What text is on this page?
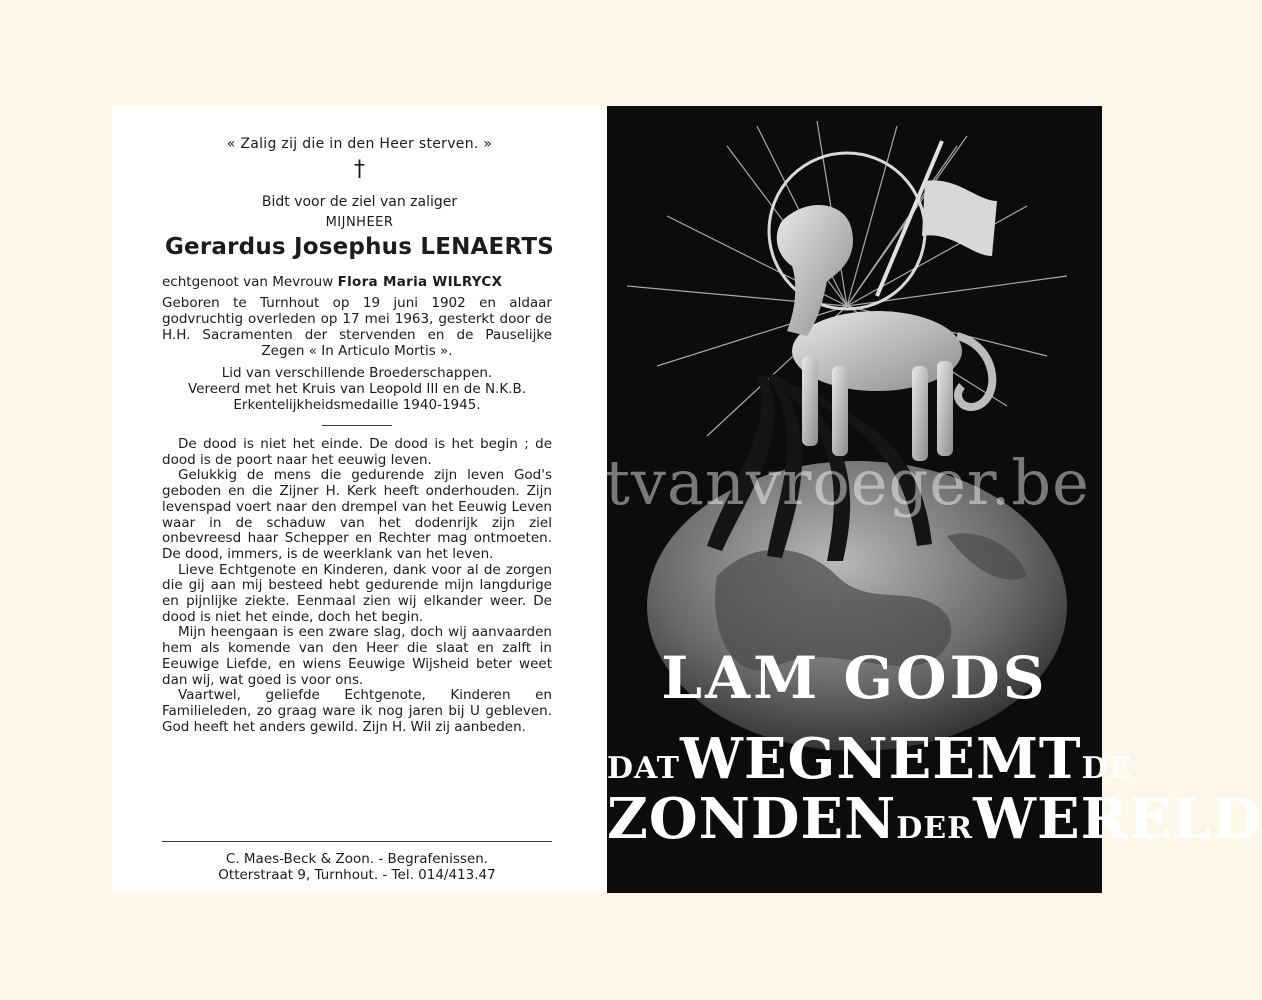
« Zalig zij die in den Heer sterven. »
†
Bidt voor de ziel van zaliger
MIJNHEER
Gerardus Josephus LENAERTS
echtgenoot van Mevrouw Flora Maria WILRYCX
Geboren te Turnhout op 19 juni 1902 en aldaar godvruchtig overleden op 17 mei 1963, gesterkt door de H.H. Sacramenten der stervenden en de Pauselijke Zegen « In Articulo Mortis ».
Lid van verschillende Broederschappen.
Vereerd met het Kruis van Leopold III en de N.K.B. Erkentelijkheidsmedaille 1940-1945.

De dood is niet het einde. De dood is het begin ; de dood is de poort naar het eeuwig leven.

Gelukkig de mens die gedurende zijn leven God's geboden en die Zijner H. Kerk heeft onderhouden. Zijn levenspad voert naar den drempel van het Eeuwig Leven waar in de schaduw van het dodenrijk zijn ziel onbevreesd haar Schepper en Rechter mag ontmoeten. De dood, immers, is de weerklank van het leven.

Lieve Echtgenote en Kinderen, dank voor al de zorgen die gij aan mij besteed hebt gedurende mijn langdurige en pijnlijke ziekte. Eenmaal zien wij elkander weer. De dood is niet het einde, doch het begin.

Mijn heengaan is een zware slag, doch wij aanvaarden hem als komende van den Heer die slaat en zalft in Eeuwige Liefde, en wiens Eeuwige Wijsheid beter weet dan wij, wat goed is voor ons.

Vaartwel, geliefde Echtgenote, Kinderen en Familieleden, zo graag ware ik nog jaren bij U gebleven. God heeft het anders gewild. Zijn H. Wil zij aanbeden.

C. Maes-Beck & Zoon. - Begrafenissen.
Otterstraat 9, Turnhout. - Tel. 014/413.47
LAM GODS
DATWEGNEEMTDE
ZONDENDERWERELD
tvanvroeger.be
